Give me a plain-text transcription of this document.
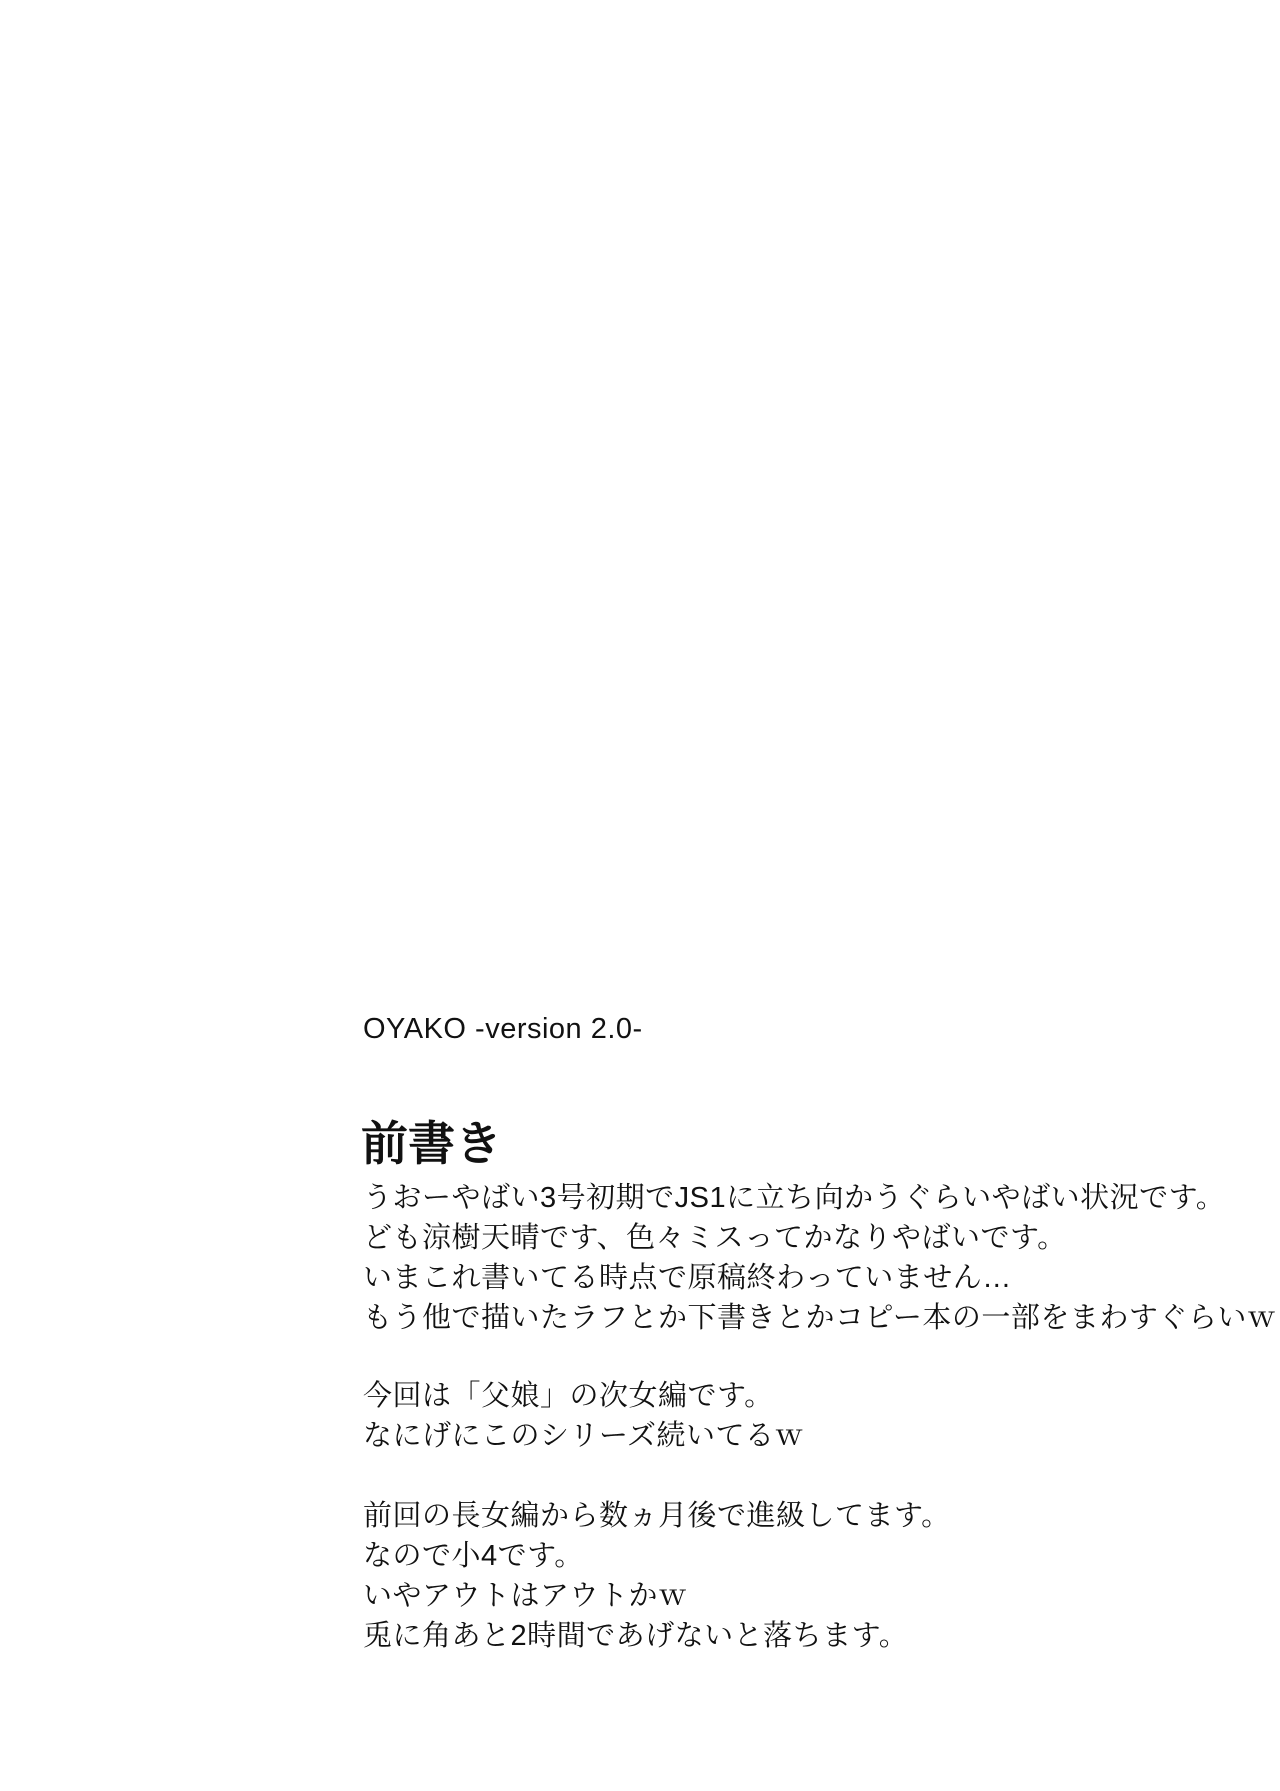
OYAKO -version 2.0-
前書き
うおーやばい3号初期でJS1に立ち向かうぐらいやばい状況です。
ども涼樹天晴です、色々ミスってかなりやばいです。
いまこれ書いてる時点で原稿終わっていません…
もう他で描いたラフとか下書きとかコピー本の一部をまわすぐらいｗ
今回は「父娘」の次女編です。
なにげにこのシリーズ続いてるｗ
前回の長女編から数ヵ月後で進級してます。
なので小4です。
いやアウトはアウトかｗ
兎に角あと2時間であげないと落ちます。
